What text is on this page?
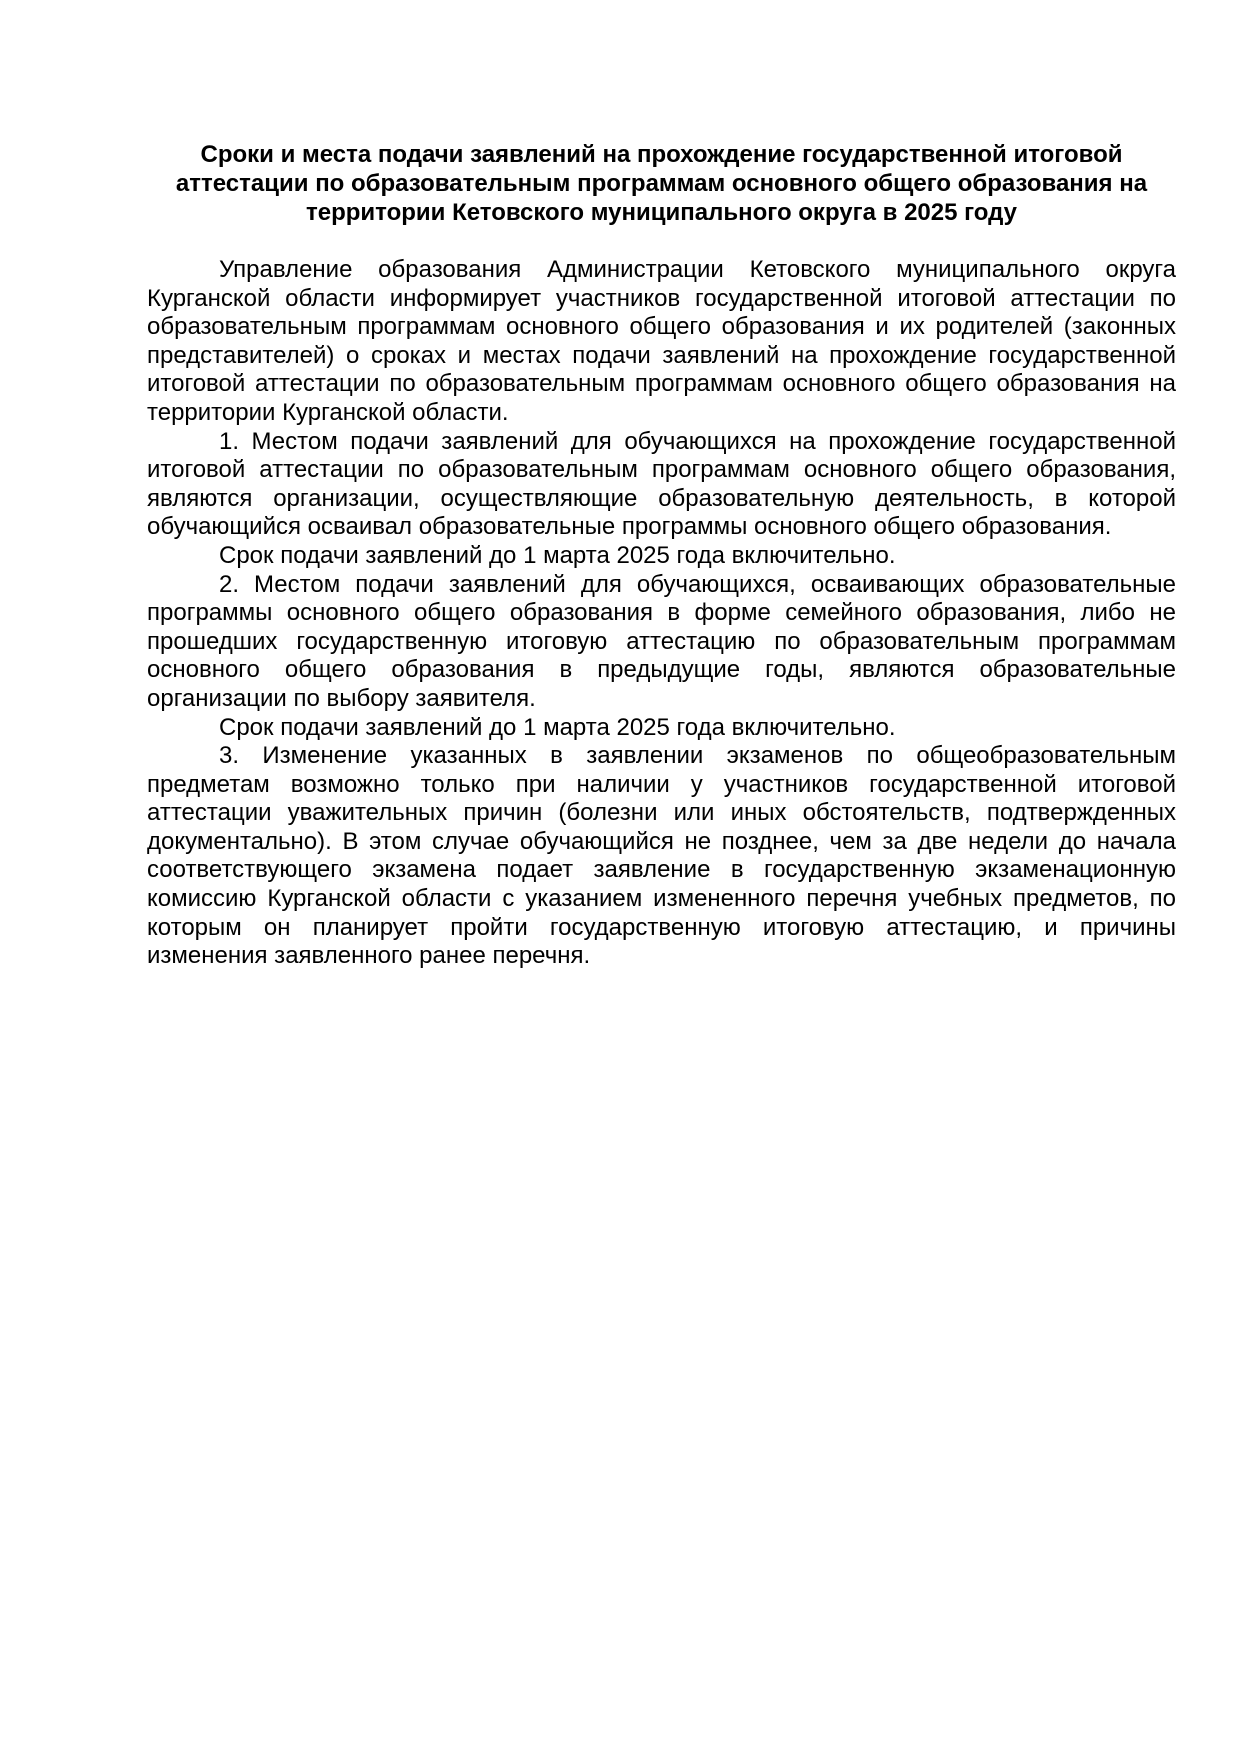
Сроки и места подачи заявлений на прохождение государственной итоговой
аттестации по образовательным программам основного общего образования на
территории Кетовского муниципального округа в 2025 году

Управление образования Администрации Кетовского муниципального округа Курганской области информирует участников государственной итоговой аттестации по образовательным программам основного общего образования и их родителей (законных представителей) о сроках и местах подачи заявлений на прохождение государственной итоговой аттестации по образовательным программам основного общего образования на территории Курганской области.

1. Местом подачи заявлений для обучающихся на прохождение государственной итоговой аттестации по образовательным программам основного общего образования, являются организации, осуществляющие образовательную деятельность, в которой обучающийся осваивал образовательные программы основного общего образования.

Срок подачи заявлений до 1 марта 2025 года включительно.

2. Местом подачи заявлений для обучающихся, осваивающих образовательные программы основного общего образования в форме семейного образования, либо не прошедших государственную итоговую аттестацию по образовательным программам основного общего образования в предыдущие годы, являются образовательные организации по выбору заявителя.

Срок подачи заявлений до 1 марта 2025 года включительно.

3. Изменение указанных в заявлении экзаменов по общеобразовательным предметам возможно только при наличии у участников государственной итоговой аттестации уважительных причин (болезни или иных обстоятельств, подтвержденных документально). В этом случае обучающийся не позднее, чем за две недели до начала соответствующего экзамена подает заявление в государственную экзаменационную комиссию Курганской области с указанием измененного перечня учебных предметов, по которым он планирует пройти государственную итоговую аттестацию, и причины изменения заявленного ранее перечня.
